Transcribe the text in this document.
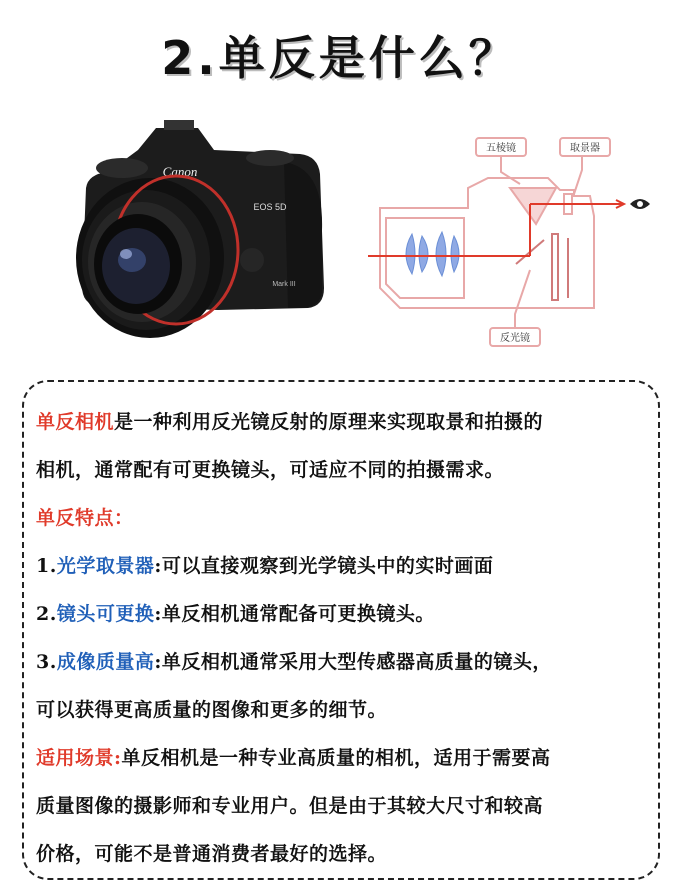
2.单反是什么？
Canon
EOS 5D
Mark III
五棱镜	取景器
反光镜
单反相机是一种利用反光镜反射的原理来实现取景和拍摄的
相机，通常配有可更换镜头，可适应不同的拍摄需求。
单反特点：
1.光学取景器:可以直接观察到光学镜头中的实时画面
2.镜头可更换:单反相机通常配备可更换镜头。
3.成像质量高:单反相机通常采用大型传感器高质量的镜头，
可以获得更高质量的图像和更多的细节。
适用场景:单反相机是一种专业高质量的相机，适用于需要高
质量图像的摄影师和专业用户。但是由于其较大尺寸和较高
价格，可能不是普通消费者最好的选择。
